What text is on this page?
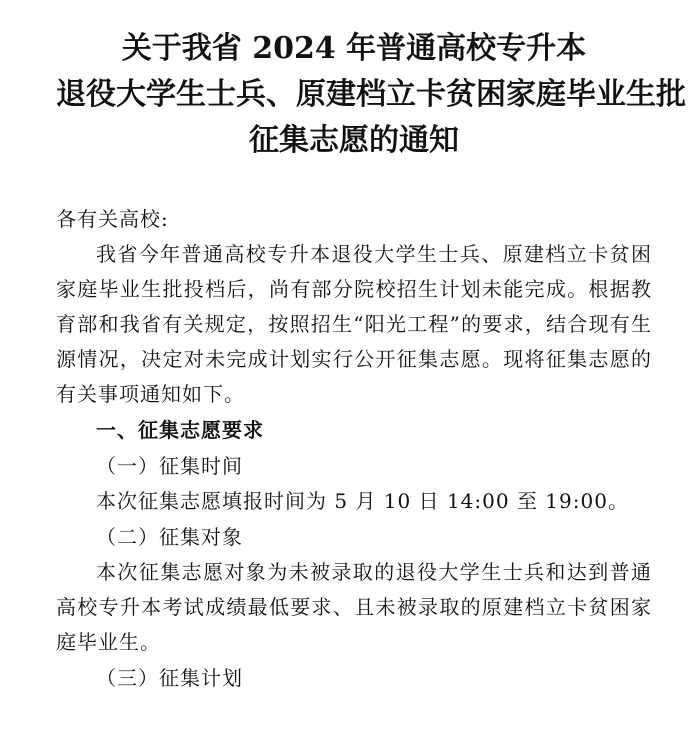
关于我省 2024 年普通高校专升本
退役大学生士兵、原建档立卡贫困家庭毕业生批
征集志愿的通知

各有关高校:

我省今年普通高校专升本退役大学生士兵、原建档立卡贫困家庭毕业生批投档后，尚有部分院校招生计划未能完成。根据教育部和我省有关规定，按照招生“阳光工程”的要求，结合现有生源情况，决定对未完成计划实行公开征集志愿。现将征集志愿的有关事项通知如下。

一、征集志愿要求

（一）征集时间

本次征集志愿填报时间为 5 月 10 日 14:00 至 19:00。

（二）征集对象

本次征集志愿对象为未被录取的退役大学生士兵和达到普通高校专升本考试成绩最低要求、且未被录取的原建档立卡贫困家庭毕业生。

（三）征集计划
